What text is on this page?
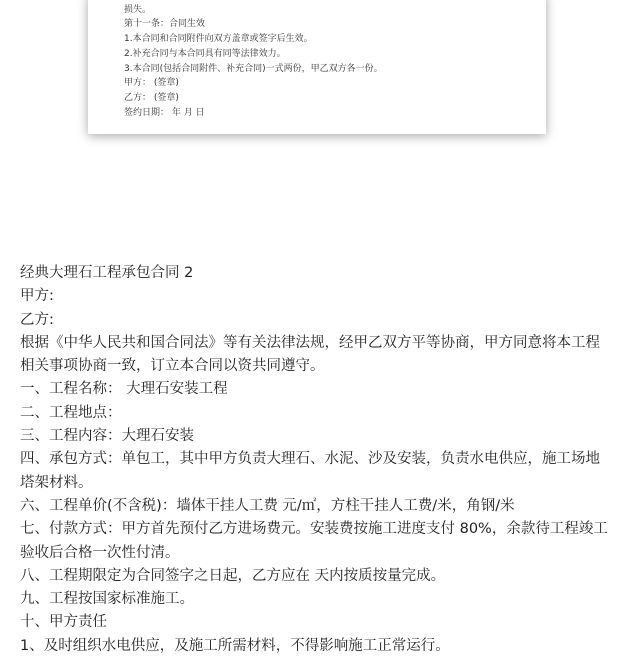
损失。
第十一条：合同生效
1.本合同和合同附件向双方盖章或签字后生效。
2.补充合同与本合同具有同等法律效力。
3.本合同(包括合同附件、补充合同)一式两份，甲乙双方各一份。
甲方： (签章)
乙方： (签章)
签约日期： 年 月 日
经典大理石工程承包合同 2
甲方:
乙方:
根据《中华人民共和国合同法》等有关法律法规，经甲乙双方平等协商，甲方同意将本工程
相关事项协商一致，订立本合同以资共同遵守。
一、工程名称： 大理石安装工程
二、工程地点：
三、工程内容：大理石安装
四、承包方式：单包工，其中甲方负责大理石、水泥、沙及安装，负责水电供应，施工场地
塔架材料。
六、工程单价(不含税)：墙体干挂人工费 元/㎡，方柱干挂人工费/米，角钢/米
七、付款方式：甲方首先预付乙方进场费元。安装费按施工进度支付 80%，余款待工程竣工
验收后合格一次性付清。
八、工程期限定为合同签字之日起，乙方应在 天内按质按量完成。
九、工程按国家标准施工。
十、甲方责任
1、及时组织水电供应，及施工所需材料，不得影响施工正常运行。
